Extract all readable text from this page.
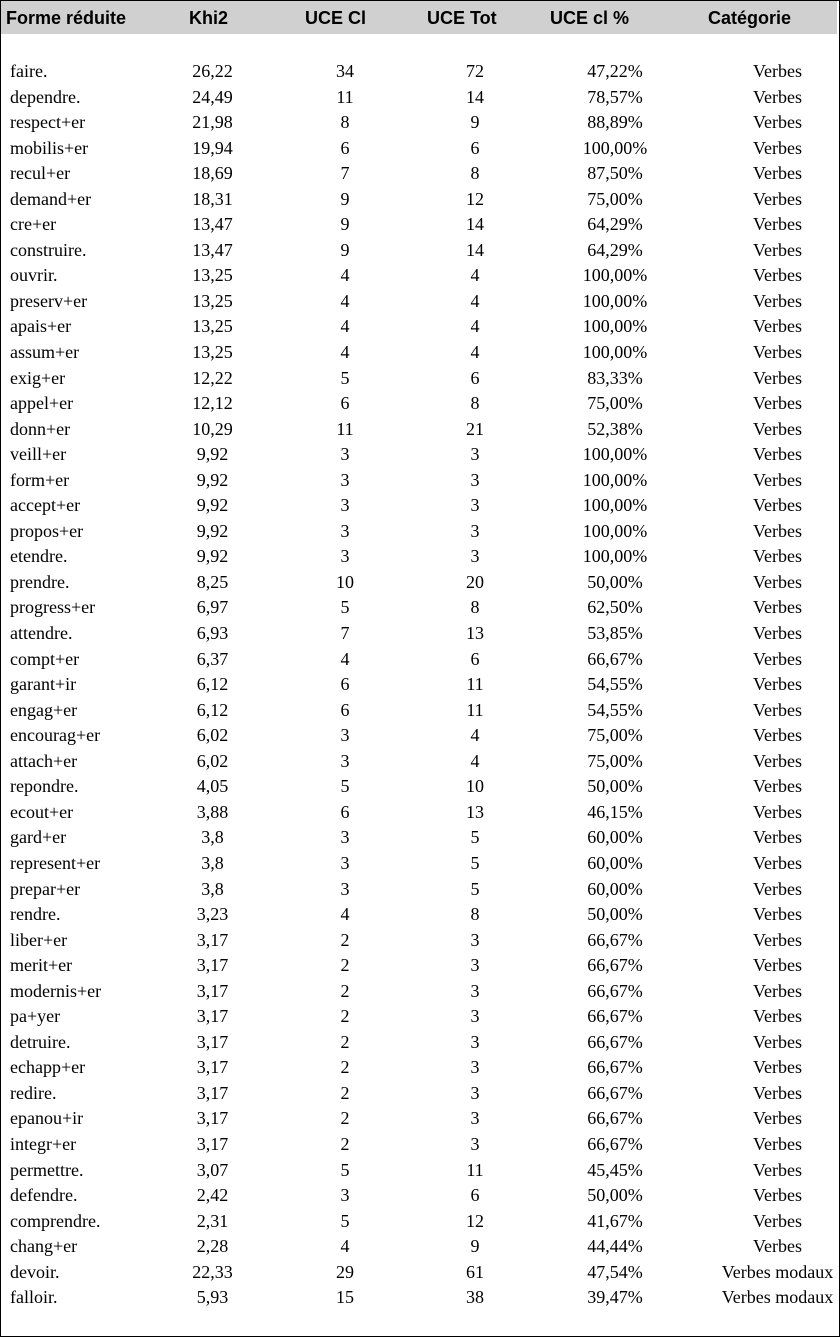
Forme réduite	Khi2	UCE Cl	UCE Tot	UCE cl %	Catégorie
faire.	26,22	34	72	47,22%	Verbes
dependre.	24,49	11	14	78,57%	Verbes
respect+er	21,98	8	9	88,89%	Verbes
mobilis+er	19,94	6	6	100,00%	Verbes
recul+er	18,69	7	8	87,50%	Verbes
demand+er	18,31	9	12	75,00%	Verbes
cre+er	13,47	9	14	64,29%	Verbes
construire.	13,47	9	14	64,29%	Verbes
ouvrir.	13,25	4	4	100,00%	Verbes
preserv+er	13,25	4	4	100,00%	Verbes
apais+er	13,25	4	4	100,00%	Verbes
assum+er	13,25	4	4	100,00%	Verbes
exig+er	12,22	5	6	83,33%	Verbes
appel+er	12,12	6	8	75,00%	Verbes
donn+er	10,29	11	21	52,38%	Verbes
veill+er	9,92	3	3	100,00%	Verbes
form+er	9,92	3	3	100,00%	Verbes
accept+er	9,92	3	3	100,00%	Verbes
propos+er	9,92	3	3	100,00%	Verbes
etendre.	9,92	3	3	100,00%	Verbes
prendre.	8,25	10	20	50,00%	Verbes
progress+er	6,97	5	8	62,50%	Verbes
attendre.	6,93	7	13	53,85%	Verbes
compt+er	6,37	4	6	66,67%	Verbes
garant+ir	6,12	6	11	54,55%	Verbes
engag+er	6,12	6	11	54,55%	Verbes
encourag+er	6,02	3	4	75,00%	Verbes
attach+er	6,02	3	4	75,00%	Verbes
repondre.	4,05	5	10	50,00%	Verbes
ecout+er	3,88	6	13	46,15%	Verbes
gard+er	3,8	3	5	60,00%	Verbes
represent+er	3,8	3	5	60,00%	Verbes
prepar+er	3,8	3	5	60,00%	Verbes
rendre.	3,23	4	8	50,00%	Verbes
liber+er	3,17	2	3	66,67%	Verbes
merit+er	3,17	2	3	66,67%	Verbes
modernis+er	3,17	2	3	66,67%	Verbes
pa+yer	3,17	2	3	66,67%	Verbes
detruire.	3,17	2	3	66,67%	Verbes
echapp+er	3,17	2	3	66,67%	Verbes
redire.	3,17	2	3	66,67%	Verbes
epanou+ir	3,17	2	3	66,67%	Verbes
integr+er	3,17	2	3	66,67%	Verbes
permettre.	3,07	5	11	45,45%	Verbes
defendre.	2,42	3	6	50,00%	Verbes
comprendre.	2,31	5	12	41,67%	Verbes
chang+er	2,28	4	9	44,44%	Verbes
devoir.	22,33	29	61	47,54%	Verbes modaux
falloir.	5,93	15	38	39,47%	Verbes modaux
